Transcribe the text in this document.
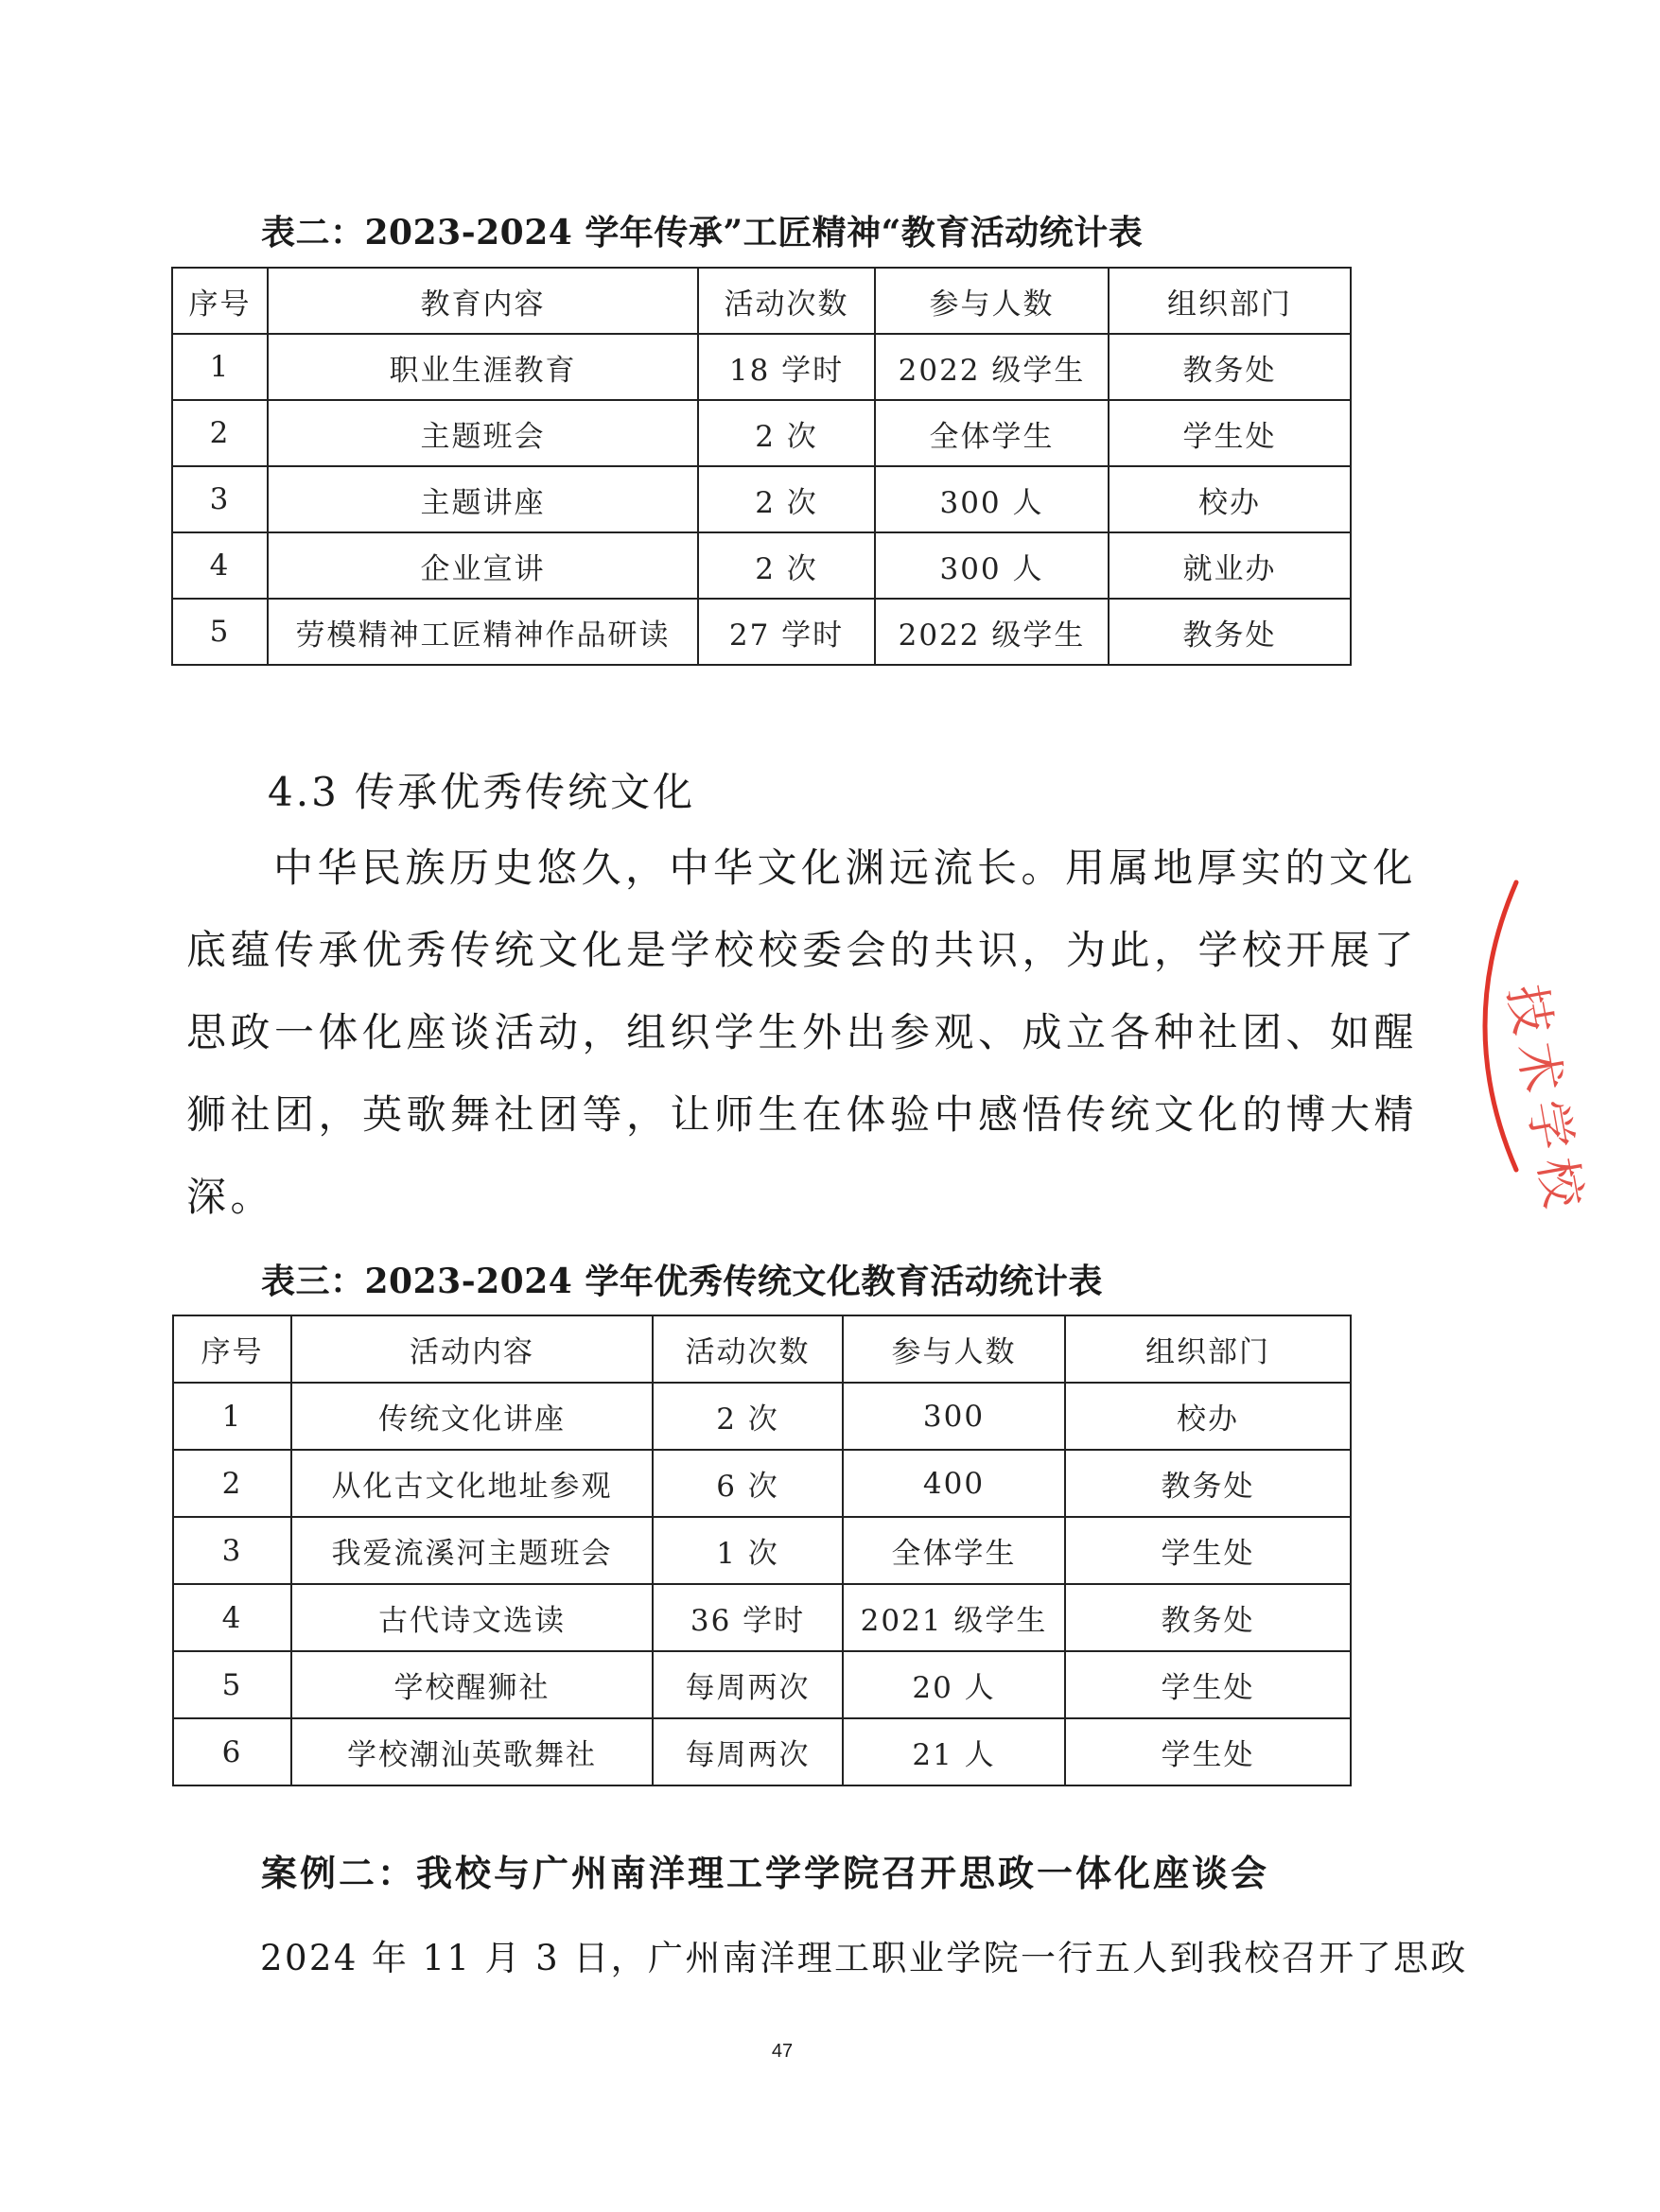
表二：2023-2024 学年传承”工匠精神“教育活动统计表
序号	教育内容	活动次数	参与人数	组织部门
1	职业生涯教育	18 学时	2022 级学生	教务处
2	主题班会	2 次	全体学生	学生处
3	主题讲座	2 次	300 人	校办
4	企业宣讲	2 次	300 人	就业办
5	劳模精神工匠精神作品研读	27 学时	2022 级学生	教务处
4.3 传承优秀传统文化
中华民族历史悠久，中华文化渊远流长。用属地厚实的文化
底蕴传承优秀传统文化是学校校委会的共识，为此，学校开展了
思政一体化座谈活动，组织学生外出参观、成立各种社团、如醒
狮社团，英歌舞社团等，让师生在体验中感悟传统文化的博大精
深。
表三：2023-2024 学年优秀传统文化教育活动统计表
序号	活动内容	活动次数	参与人数	组织部门
1	传统文化讲座	2 次	300	校办
2	从化古文化地址参观	6 次	400	教务处
3	我爱流溪河主题班会	1 次	全体学生	学生处
4	古代诗文选读	36 学时	2021 级学生	教务处
5	学校醒狮社	每周两次	20 人	学生处
6	学校潮汕英歌舞社	每周两次	21 人	学生处
案例二：我校与广州南洋理工学学院召开思政一体化座谈会
2024 年 11 月 3 日，广州南洋理工职业学院一行五人到我校召开了思政
47
技术学校
